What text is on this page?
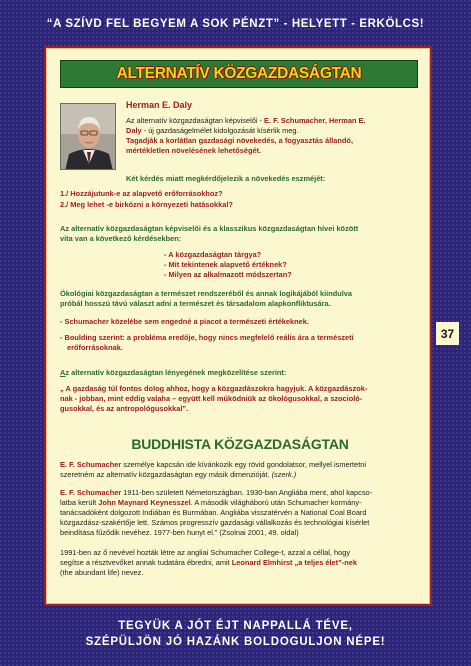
“A SZÍVD FEL BEGYEM A SOK PÉNZT” - HELYETT - ERKÖLCS!
ALTERNATÍV KÖZGAZDASÁGTAN
Herman E. Daly
Az alternatív közgazdaságtan képviselői - E. F. Schumacher, Herman E.
Daly - új gazdaságelmélet kidolgozását kísérlik meg.
Tagadják a korlátlan gazdasági növekedés, a fogyasztás állandó,
mértékletlen növelésének lehetőségét.
Két kérdés miatt megkérdőjelezik a növekedés eszméjét:
1./ Hozzájutunk-e az alapvető erőforrásokhoz?
2./ Meg lehet -e birkózni a környezeti hatásokkal?
Az alternatív közgazdaságtan képviselői és a klasszikus közgazdaságtan hívei között
vita van a következő kérdésekben:
- A közgazdaságtan tárgya?
- Mit tekintenek alapvető értéknek?
- Milyen az alkalmazott módszertan?
Ökológiai közgazdaságtan a természet rendszeréből és annak logikájából kiindulva
próbál hosszú távú választ adni a természet és társadalom alapkonfliktusára.
- Schumacher közelébe sem engedné a piacot a természeti értékeknek.
- Boulding szerint: a probléma eredője, hogy nincs megfelelő reális ára a természeti
erőforrásoknak.
Az alternatív közgazdaságtan lényegének megközelítése szerint:
„ A gazdaság túl fontos dolog ahhoz, hogy a közgazdászokra hagyjuk. A közgazdászok-
nak - jobban, mint eddig valaha – együtt kell működniük az ökológusokkal, a szocioló-
gusokkal, és az antropológusokkal”.
BUDDHISTA KÖZGAZDASÁGTAN
E. F. Schumacher személye kapcsán ide kívánkozik egy rövid gondolatsor, mellyel ismertetni
szeretném az alternatív közgazdaságtan egy másik dimenzióját. (szerk.)
E. F. Schumacher 1911-ben született Németországban. 1930-ban Angliába ment, ahol kapcso-
latba került John Maynard Keynesszel. A második világháború után Schumacher kormány-
tanácsadóként dolgozott Indiában és Burmában. Angliába visszatérvén a National Coal Board
közgazdász-szakértője lett. Számos progresszív gazdasági vállalkozás és technológiai kísérlet
beindítása fűződik nevéhez. 1977-ben hunyt el.” (Zsolnai 2001, 49. oldal)
1991-ben az ő nevével hozták létre az angliai Schumacher College-t, azzal a céllal, hogy
segítse a résztvevőket annak tudatára ébredni, amit Leonard Elmhirst „a teljes élet”-nek
(the abundant life) nevez.
37
TEGYÜK A JÓT ÉJT NAPPALLÁ TÉVE,
SZÉPÜLJÖN JÓ HAZÁNK BOLDOGULJON NÉPE!
